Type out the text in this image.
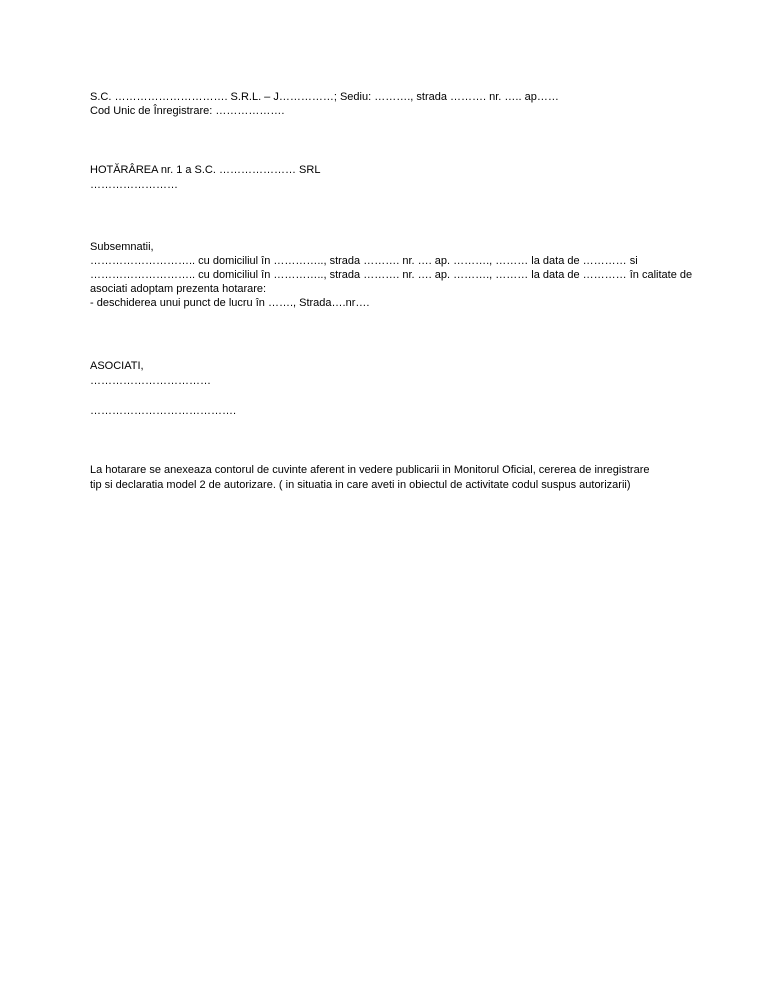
S.C. …………………………. S.R.L. – J……………; Sediu: ………., strada ………. nr. ….. ap……
Cod Unic de Înregistrare: ……………….
HOTĂRÂREA nr. 1 a S.C. ………………… SRL
……………………
Subsemnatii,
……………………….. cu domiciliul în ………….., strada ………. nr. …. ap. ………., ……… la data de ………… si
……………………….. cu domiciliul în ………….., strada ………. nr. …. ap. ………., ……… la data de ………… în calitate de
asociati adoptam prezenta hotarare:
- deschiderea unui punct de lucru în ……., Strada….nr….
ASOCIATI,
……………………………
………………………………….
La hotarare se anexeaza contorul de cuvinte aferent in vedere publicarii in Monitorul Oficial, cererea de inregistrare
tip si declaratia model 2 de autorizare. ( in situatia in care aveti in obiectul de activitate codul suspus autorizarii)
